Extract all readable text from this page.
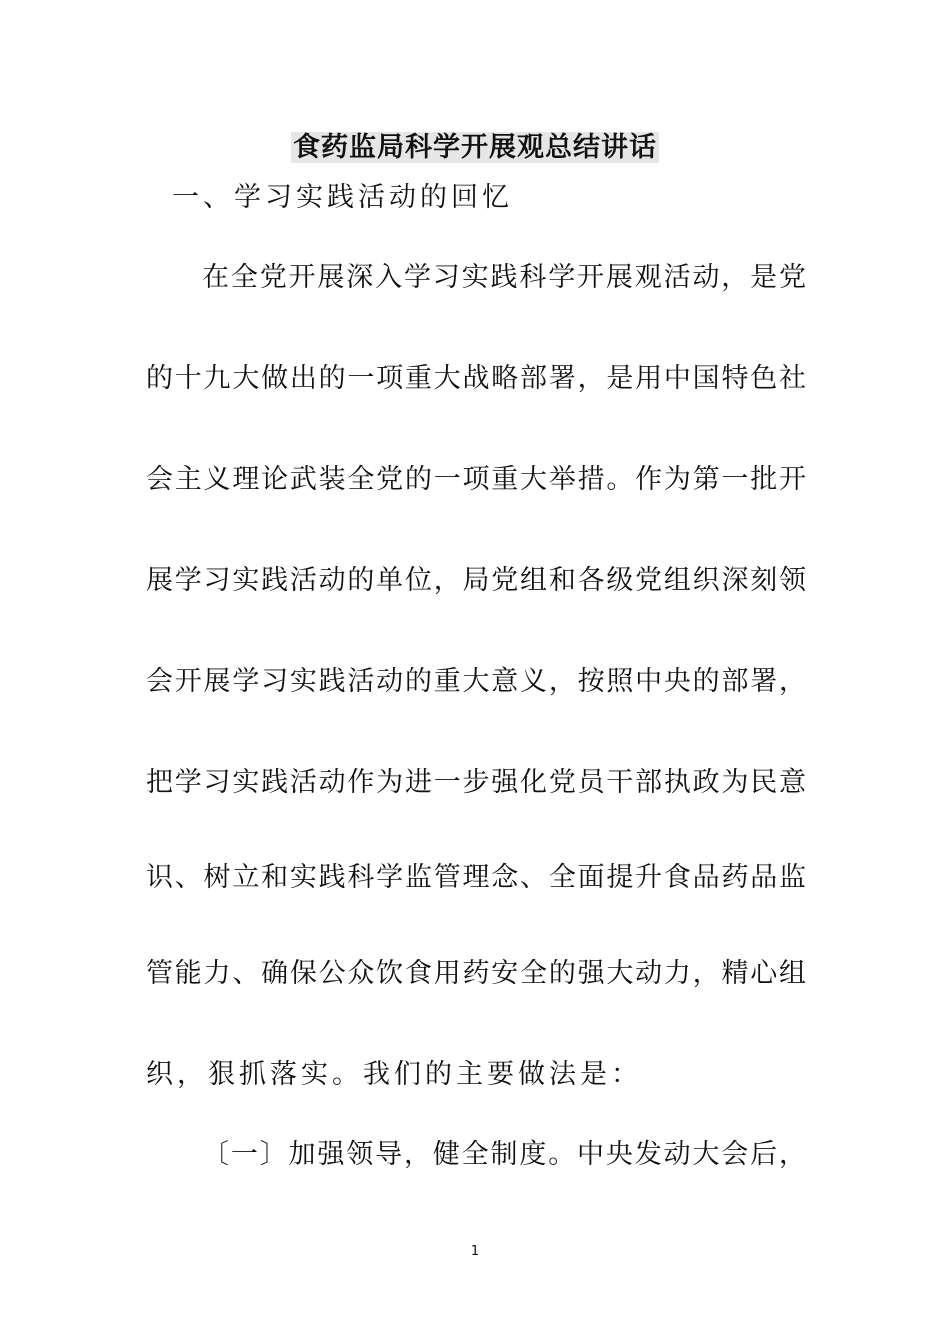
食药监局科学开展观总结讲话
一、学习实践活动的回忆
在全党开展深入学习实践科学开展观活动，是党
的十九大做出的一项重大战略部署，是用中国特色社
会主义理论武装全党的一项重大举措。作为第一批开
展学习实践活动的单位，局党组和各级党组织深刻领
会开展学习实践活动的重大意义，按照中央的部署，
把学习实践活动作为进一步强化党员干部执政为民意
识、树立和实践科学监管理念、全面提升食品药品监
管能力、确保公众饮食用药安全的强大动力，精心组
织，狠抓落实。我们的主要做法是：
〔一〕加强领导，健全制度。中央发动大会后，
1
